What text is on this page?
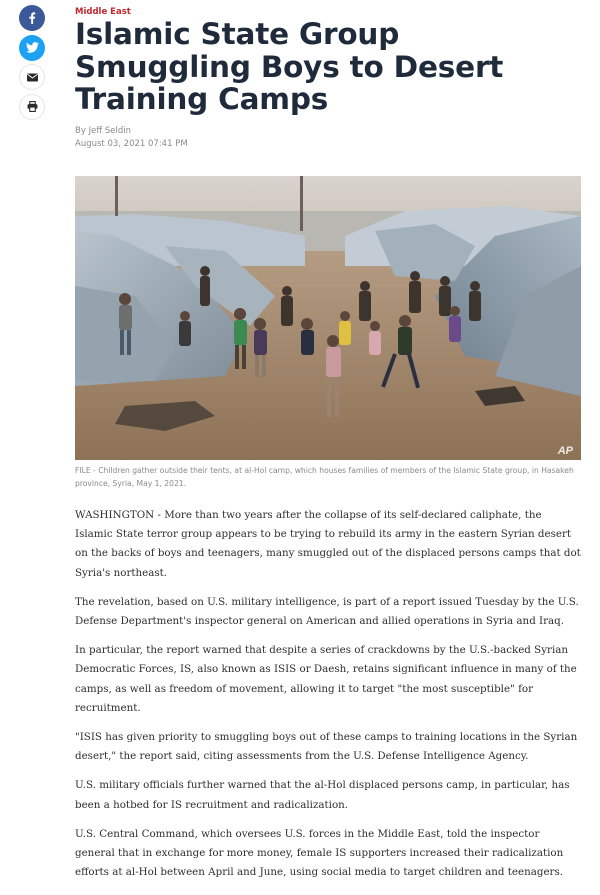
Middle East
Islamic State Group Smuggling Boys to Desert Training Camps
By Jeff Seldin
August 03, 2021 07:41 PM
AP
FILE - Children gather outside their tents, at al-Hol camp, which houses families of members of the Islamic State group, in Hasakeh province, Syria, May 1, 2021.

WASHINGTON - More than two years after the collapse of its self-declared caliphate, the Islamic State terror group appears to be trying to rebuild its army in the eastern Syrian desert on the backs of boys and teenagers, many smuggled out of the displaced persons camps that dot Syria's northeast.

The revelation, based on U.S. military intelligence, is part of a report issued Tuesday by the U.S. Defense Department's inspector general on American and allied operations in Syria and Iraq.

In particular, the report warned that despite a series of crackdowns by the U.S.-backed Syrian Democratic Forces, IS, also known as ISIS or Daesh, retains significant influence in many of the camps, as well as freedom of movement, allowing it to target "the most susceptible" for recruitment.

"ISIS has given priority to smuggling boys out of these camps to training locations in the Syrian desert," the report said, citing assessments from the U.S. Defense Intelligence Agency.

U.S. military officials further warned that the al-Hol displaced persons camp, in particular, has been a hotbed for IS recruitment and radicalization.

U.S. Central Command, which oversees U.S. forces in the Middle East, told the inspector general that in exchange for more money, female IS supporters increased their radicalization efforts at al-Hol between April and June, using social media to target children and teenagers.
